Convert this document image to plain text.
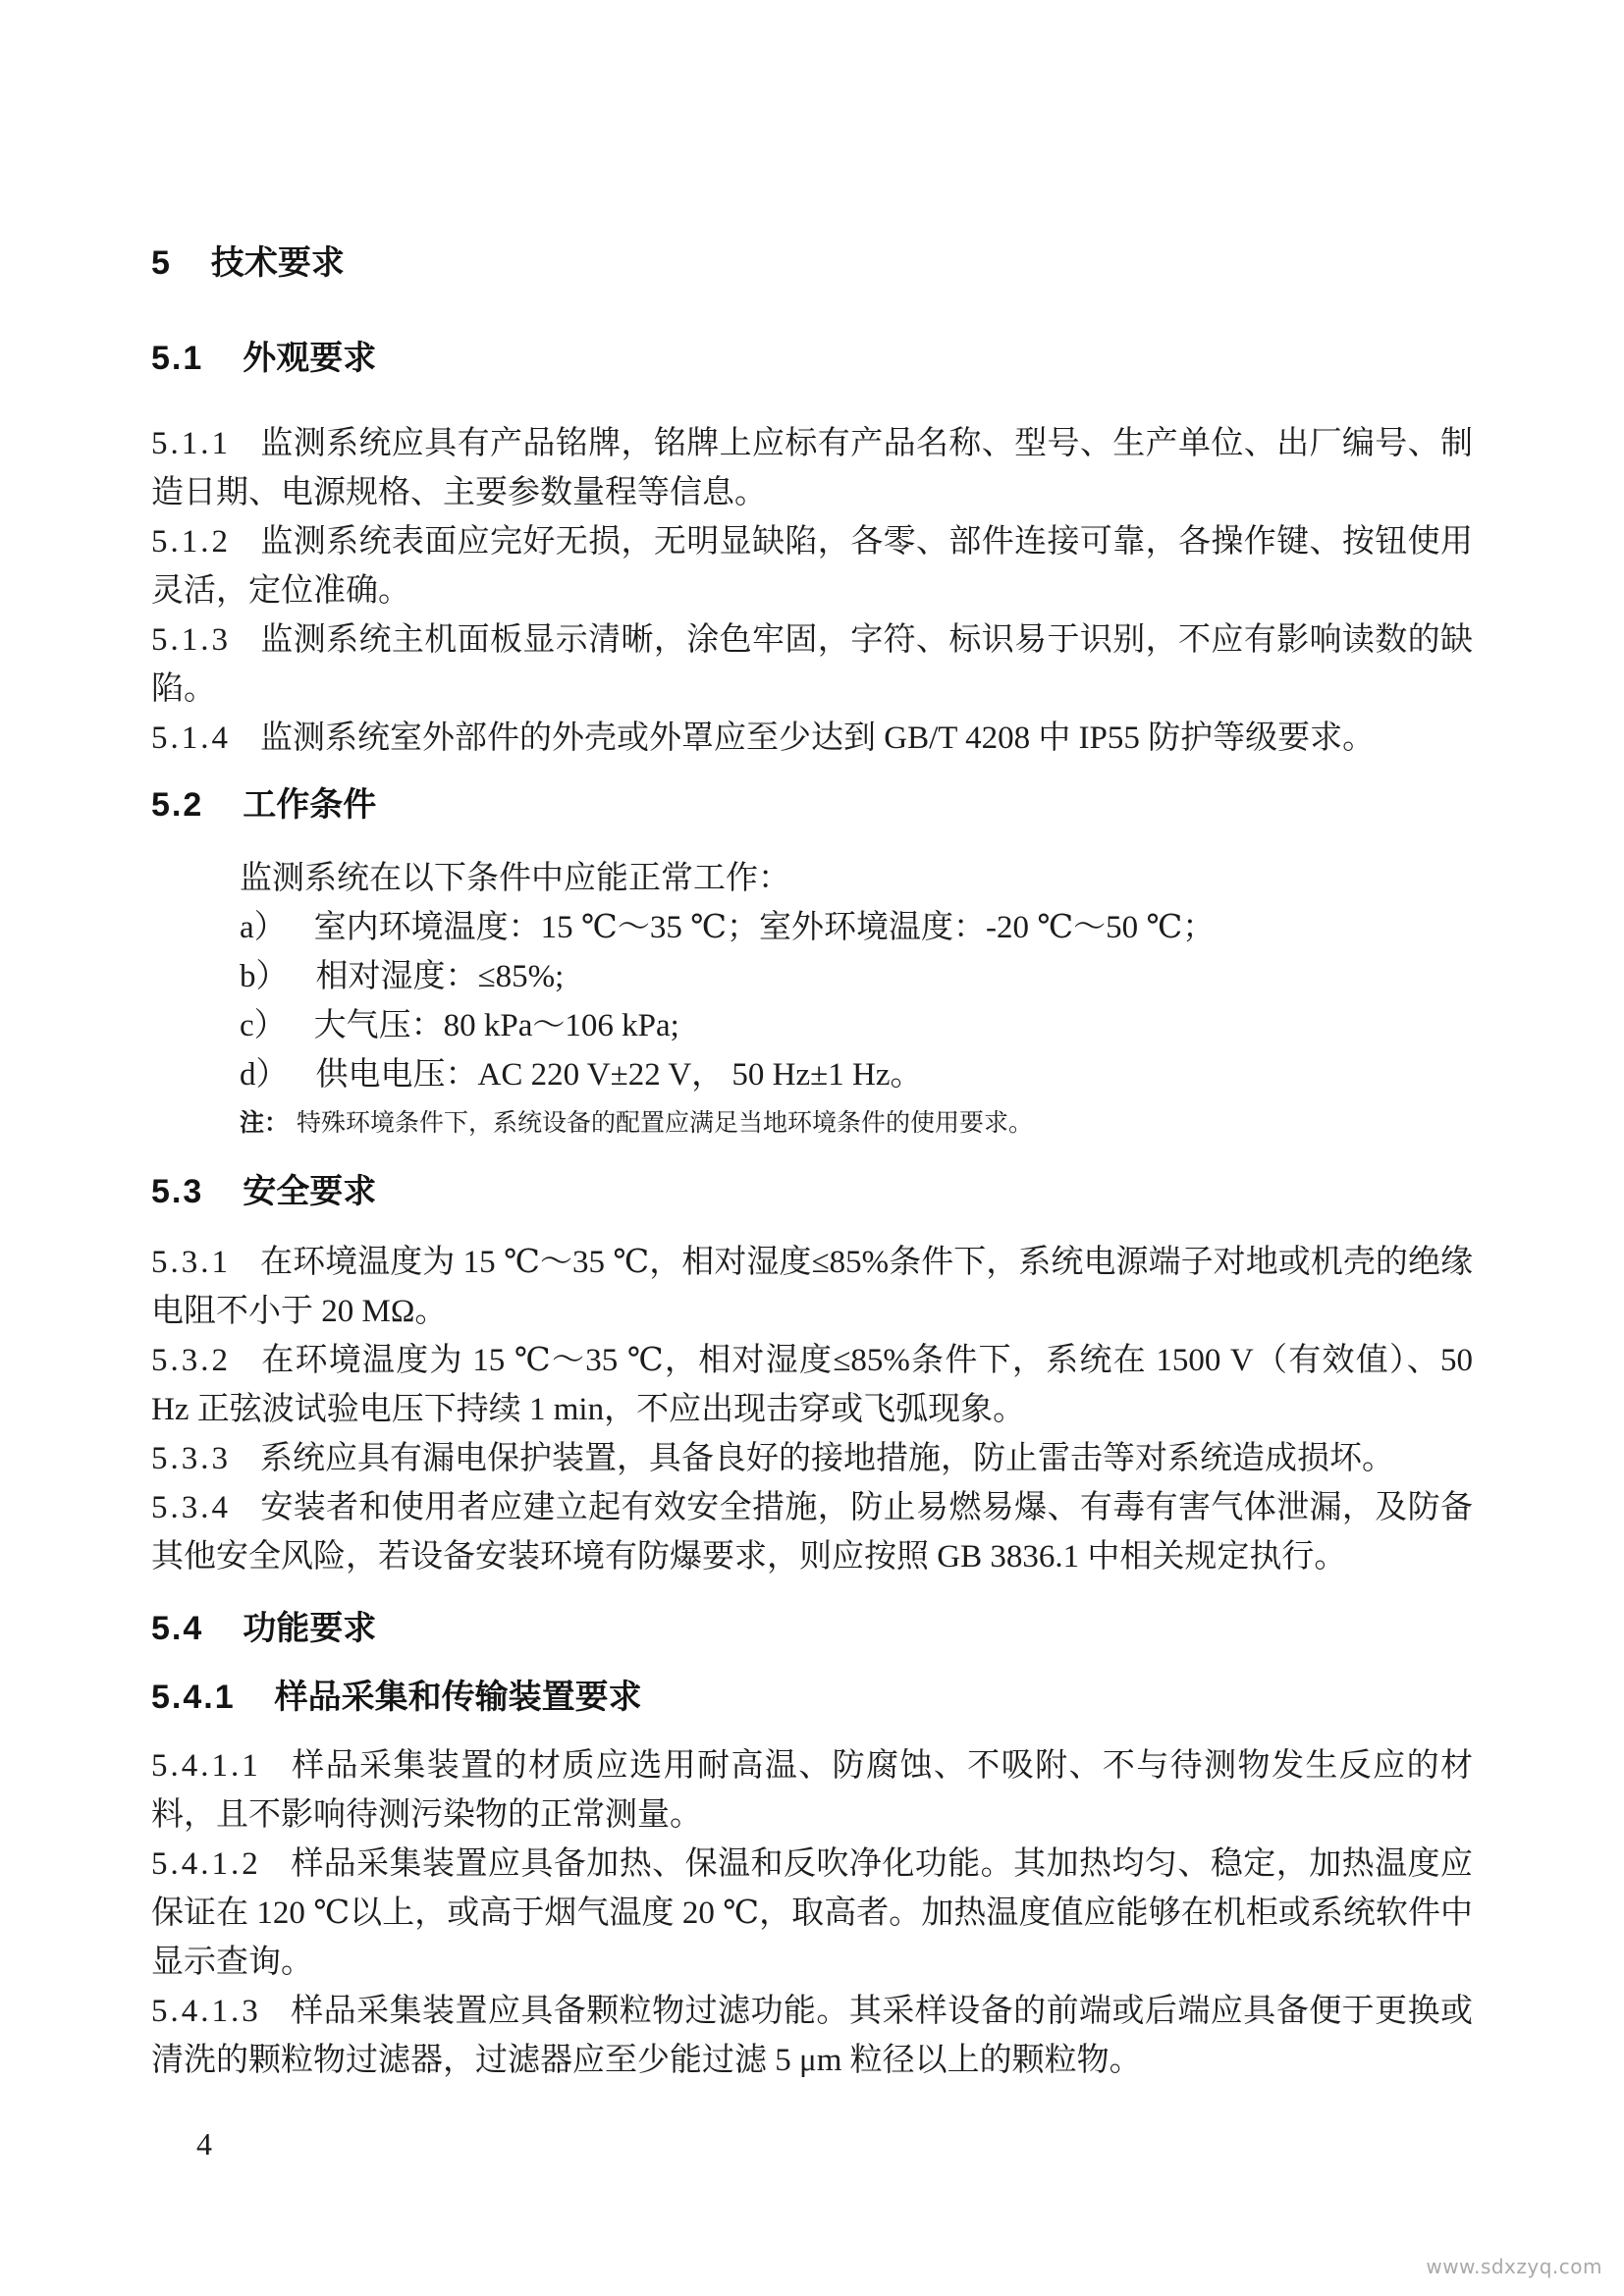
5 技术要求
5.1 外观要求

5.1.1 监测系统应具有产品铭牌，铭牌上应标有产品名称、型号、生产单位、出厂编号、制造日期、电源规格、主要参数量程等信息。

5.1.2 监测系统表面应完好无损，无明显缺陷，各零、部件连接可靠，各操作键、按钮使用灵活，定位准确。

5.1.3 监测系统主机面板显示清晰，涂色牢固，字符、标识易于识别，不应有影响读数的缺陷。

5.1.4 监测系统室外部件的外壳或外罩应至少达到 GB/T 4208 中 IP55 防护等级要求。

5.2 工作条件

监测系统在以下条件中应能正常工作：

a） 室内环境温度：15 ℃～35 ℃；室外环境温度：-20 ℃～50 ℃；

b） 相对湿度：≤85%;

c） 大气压：80 kPa～106 kPa;

d） 供电电压：AC 220 V±22 V， 50 Hz±1 Hz。

注： 特殊环境条件下，系统设备的配置应满足当地环境条件的使用要求。

5.3 安全要求

5.3.1 在环境温度为 15 ℃～35 ℃，相对湿度≤85%条件下，系统电源端子对地或机壳的绝缘电阻不小于 20 MΩ。

5.3.2 在环境温度为 15 ℃～35 ℃，相对湿度≤85%条件下，系统在 1500 V（有效值）、50 Hz 正弦波试验电压下持续 1 min，不应出现击穿或飞弧现象。

5.3.3 系统应具有漏电保护装置，具备良好的接地措施，防止雷击等对系统造成损坏。

5.3.4 安装者和使用者应建立起有效安全措施，防止易燃易爆、有毒有害气体泄漏，及防备其他安全风险，若设备安装环境有防爆要求，则应按照 GB 3836.1 中相关规定执行。

5.4 功能要求
5.4.1 样品采集和传输装置要求

5.4.1.1 样品采集装置的材质应选用耐高温、防腐蚀、不吸附、不与待测物发生反应的材料，且不影响待测污染物的正常测量。

5.4.1.2 样品采集装置应具备加热、保温和反吹净化功能。其加热均匀、稳定，加热温度应保证在 120 ℃以上，或高于烟气温度 20 ℃，取高者。加热温度值应能够在机柜或系统软件中显示查询。

5.4.1.3 样品采集装置应具备颗粒物过滤功能。其采样设备的前端或后端应具备便于更换或清洗的颗粒物过滤器，过滤器应至少能过滤 5 μm 粒径以上的颗粒物。

4
www.sdxzyq.com
